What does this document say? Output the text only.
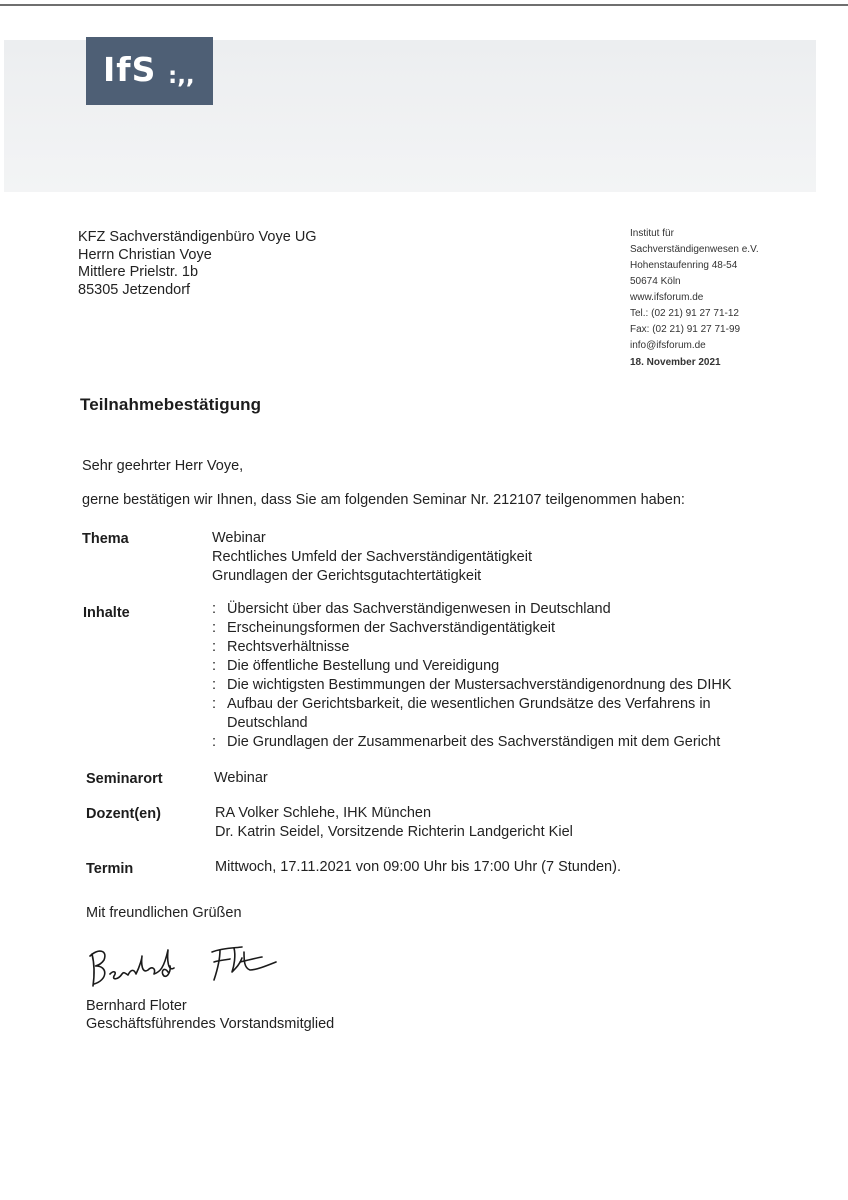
IfS :,,
KFZ Sachverständigenbüro Voye UG
Herrn Christian Voye
Mittlere Prielstr. 1b
85305 Jetzendorf
Institut für
Sachverständigenwesen e.V.
Hohenstaufenring 48-54
50674 Köln
www.ifsforum.de
Tel.: (02 21) 91 27 71-12
Fax: (02 21) 91 27 71-99
info@ifsforum.de
18. November 2021
Teilnahmebestätigung
Sehr geehrter Herr Voye,
gerne bestätigen wir Ihnen, dass Sie am folgenden Seminar Nr. 212107 teilgenommen haben:
Thema	Webinar
Rechtliches Umfeld der Sachverständigentätigkeit
Grundlagen der Gerichtsgutachtertätigkeit
Inhalte	: Übersicht über das Sachverständigenwesen in Deutschland
: Erscheinungsformen der Sachverständigentätigkeit
: Rechtsverhältnisse
: Die öffentliche Bestellung und Vereidigung
: Die wichtigsten Bestimmungen der Mustersachverständigenordnung des DIHK
: Aufbau der Gerichtsbarkeit, die wesentlichen Grundsätze des Verfahrens in
Deutschland
: Die Grundlagen der Zusammenarbeit des Sachverständigen mit dem Gericht
Seminarort	Webinar
Dozent(en)	RA Volker Schlehe, IHK München
Dr. Katrin Seidel, Vorsitzende Richterin Landgericht Kiel
Termin	Mittwoch, 17.11.2021 von 09:00 Uhr bis 17:00 Uhr (7 Stunden).
Mit freundlichen Grüßen
Bernhard Floter
Bernhard Floter
Geschäftsführendes Vorstandsmitglied
